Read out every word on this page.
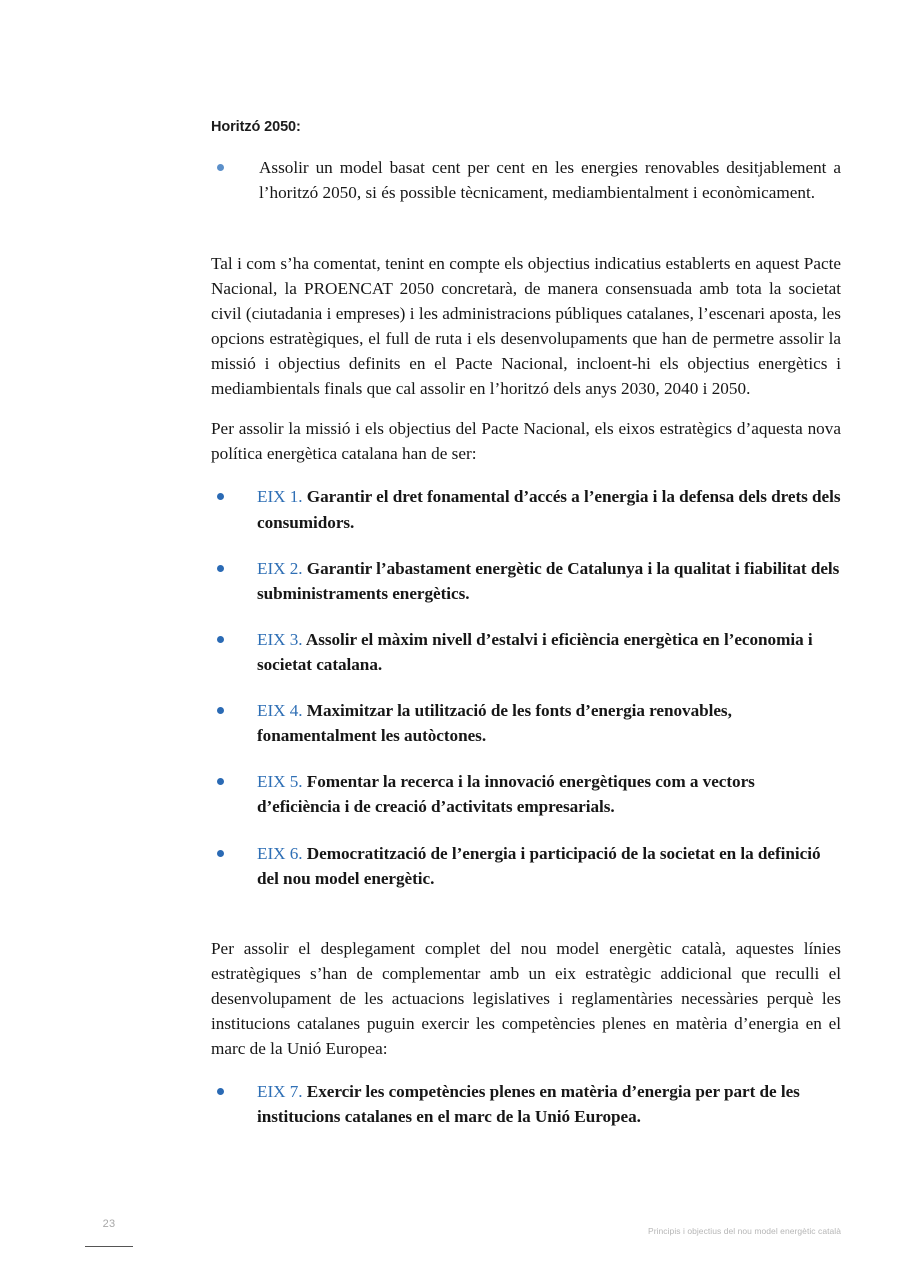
Horitzó 2050:
Assolir un model basat cent per cent en les energies renovables desitjablement a l’horitzó 2050, si és possible tècnicament, mediambientalment i econòmicament.

Tal i com s’ha comentat, tenint en compte els objectius indicatius establerts en aquest Pacte Nacional, la PROENCAT 2050 concretarà, de manera consensuada amb tota la societat civil (ciutadania i empreses) i les administracions públiques catalanes, l’escenari aposta, les opcions estratègiques, el full de ruta i els desenvolupaments que han de permetre assolir la missió i objectius definits en el Pacte Nacional, incloent-hi els objectius energètics i mediambientals finals que cal assolir en l’horitzó dels anys 2030, 2040 i 2050.

Per assolir la missió i els objectius del Pacte Nacional, els eixos estratègics d’aquesta nova política energètica catalana han de ser:

EIX 1. Garantir el dret fonamental d’accés a l’energia i la defensa dels drets dels consumidors.
EIX 2. Garantir l’abastament energètic de Catalunya i la qualitat i fiabilitat dels subministraments energètics.
EIX 3. Assolir el màxim nivell d’estalvi i eficiència energètica en l’economia i societat catalana.
EIX 4. Maximitzar la utilització de les fonts d’energia renovables, fonamentalment les autòctones.
EIX 5. Fomentar la recerca i la innovació energètiques com a vectors d’eficiència i de creació d’activitats empresarials.
EIX 6. Democratització de l’energia i participació de la societat en la definició del nou model energètic.

Per assolir el desplegament complet del nou model energètic català, aquestes línies estratègiques s’han de complementar amb un eix estratègic addicional que reculli el desenvolupament de les actuacions legislatives i reglamentàries necessàries perquè les institucions catalanes puguin exercir les competències plenes en matèria d’energia en el marc de la Unió Europea:

EIX 7. Exercir les competències plenes en matèria d’energia per part de les institucions catalanes en el marc de la Unió Europea.
23
Principis i objectius del nou model energètic català
